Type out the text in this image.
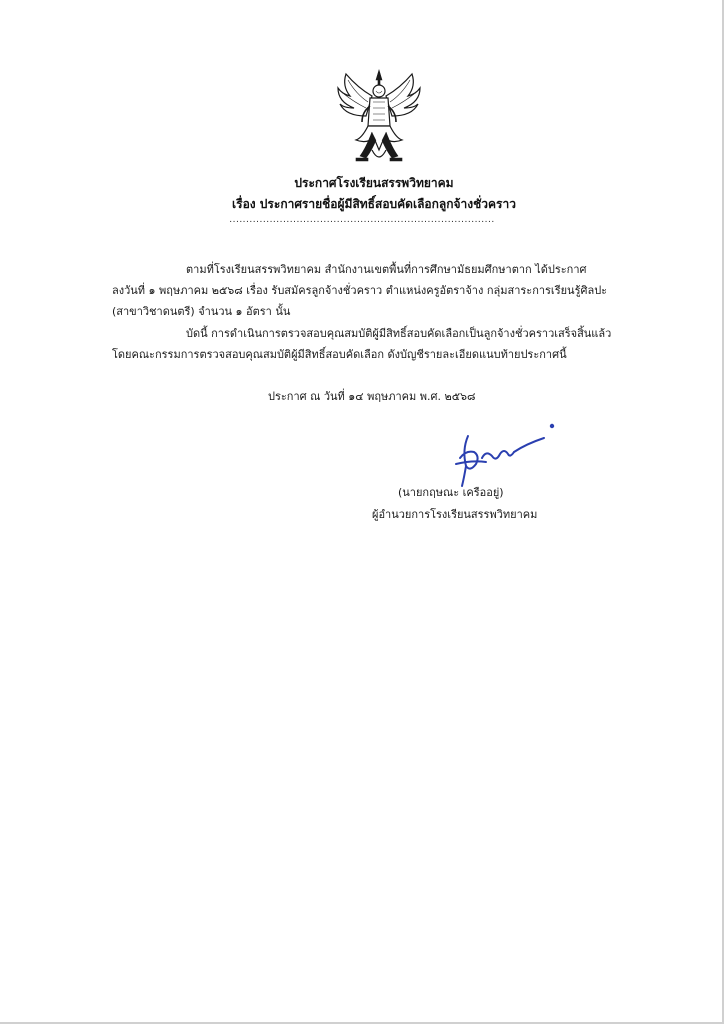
ประกาศโรงเรียนสรรพวิทยาคม
เรื่อง ประกาศรายชื่อผู้มีสิทธิ์สอบคัดเลือกลูกจ้างชั่วคราว
...............................................................................
ตามที่โรงเรียนสรรพวิทยาคม สำนักงานเขตพื้นที่การศึกษามัธยมศึกษาตาก ได้ประกาศ
ลงวันที่ ๑ พฤษภาคม ๒๕๖๘ เรื่อง รับสมัครลูกจ้างชั่วคราว ตำแหน่งครูอัตราจ้าง กลุ่มสาระการเรียนรู้ศิลปะ
(สาขาวิชาดนตรี) จำนวน ๑ อัตรา นั้น
บัดนี้ การดำเนินการตรวจสอบคุณสมบัติผู้มีสิทธิ์สอบคัดเลือกเป็นลูกจ้างชั่วคราวเสร็จสิ้นแล้ว
โดยคณะกรรมการตรวจสอบคุณสมบัติผู้มีสิทธิ์สอบคัดเลือก ดังบัญชีรายละเอียดแนบท้ายประกาศนี้
ประกาศ ณ วันที่ ๑๔ พฤษภาคม พ.ศ. ๒๕๖๘
(นายกฤษณะ เครืออยู่)
ผู้อำนวยการโรงเรียนสรรพวิทยาคม
